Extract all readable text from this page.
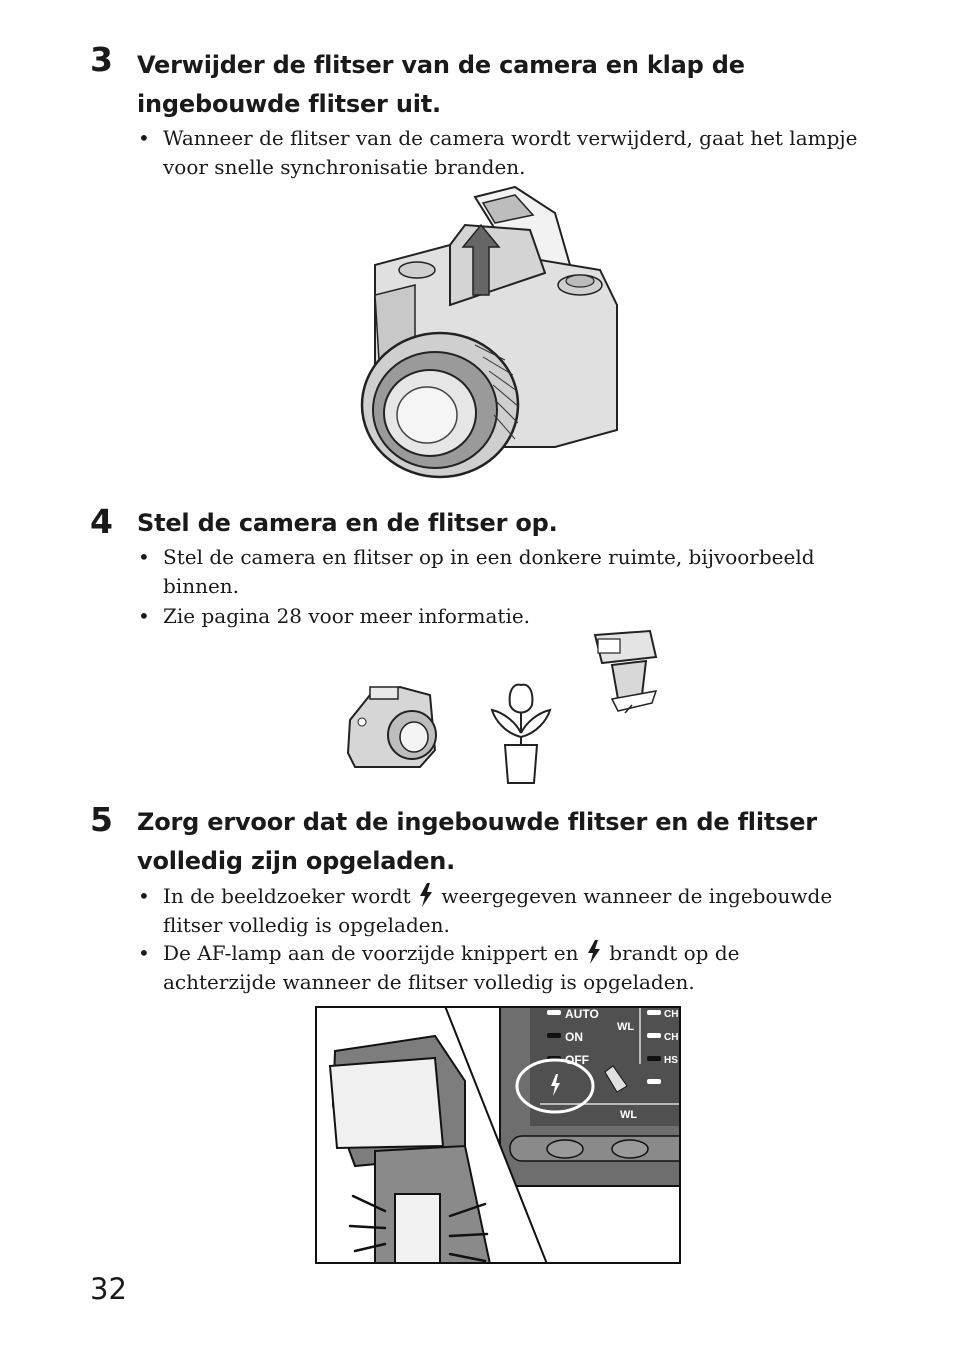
3 Verwijder de flitser van de camera en klap de
ingebouwde flitser uit.
• Wanneer de flitser van de camera wordt verwijderd, gaat het lampje
voor snelle synchronisatie branden.
4 Stel de camera en de flitser op.
• Stel de camera en flitser op in een donkere ruimte, bijvoorbeeld
binnen.
• Zie pagina 28 voor meer informatie.
5 Zorg ervoor dat de ingebouwde flitser en de flitser
volledig zijn opgeladen.
• In de beeldzoeker wordt weergegeven wanneer de ingebouwde
flitser volledig is opgeladen.
• De AF-lamp aan de voorzijde knippert en brandt op de
achterzijde wanneer de flitser volledig is opgeladen.
AUTO
ON
OFF
WL
WL
CH
CH
HS
32
